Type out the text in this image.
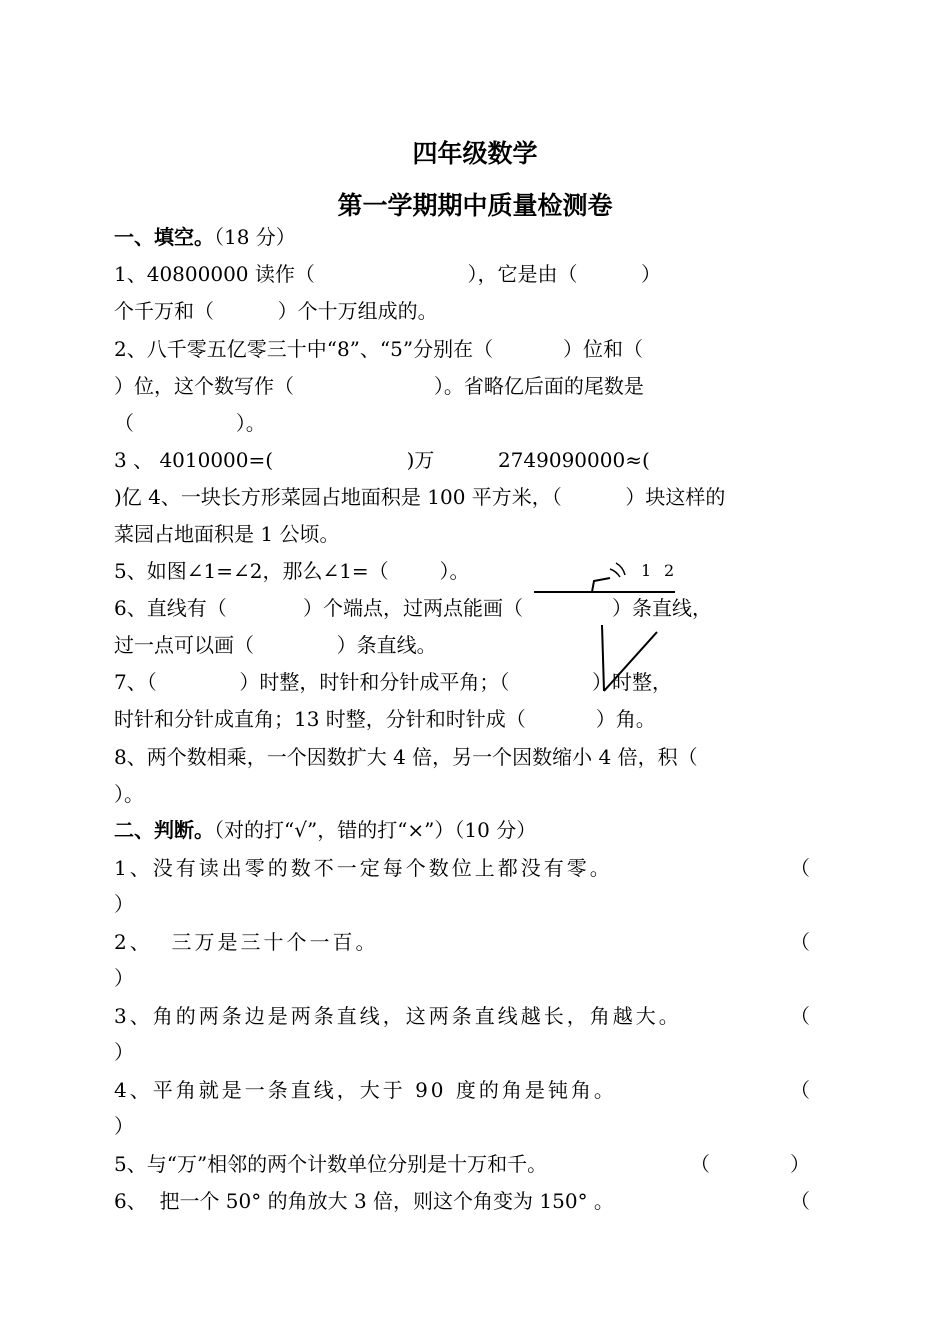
四年级数学
第一学期期中质量检测卷
一、填空。（18 分）
1、40800000 读作（                        ），它是由（          ）
个千万和（          ）个十万组成的。
2、八千零五亿零三十中“8”、“5”分别在（           ）位和（
）位，这个数写作（                      ）。省略亿后面的尾数是
（                ）。
3 、 4010000=(                     )万          2749090000≈(
)亿 4、一块长方形菜园占地面积是 100 平方米，（          ）块这样的
菜园占地面积是 1 公顷。
5、如图∠1=∠2，那么∠1=（        ）。	1 2
6、直线有（            ）个端点，过两点能画（              ）条直线，
过一点可以画（             ）条直线。
7、（             ）时整，时针和分针成平角；（             ）时整，
时针和分针成直角；13 时整，分针和时针成（           ）角。
8、两个数相乘，一个因数扩大 4 倍，另一个因数缩小 4 倍，积（
）。
二、判断。（对的打“√”，错的打“×”）（10 分）
1、没有读出零的数不一定每个数位上都没有零。	（
）
2、  三万是三十个一百。	（
）
3、角的两条边是两条直线，这两条直线越长，角越大。	（
）
4、平角就是一条直线，大于 90 度的角是钝角。	（
）
5、与“万”相邻的两个计数单位分别是十万和千。	（	）
6、  把一个 50° 的角放大 3 倍，则这个角变为 150° 。	（
